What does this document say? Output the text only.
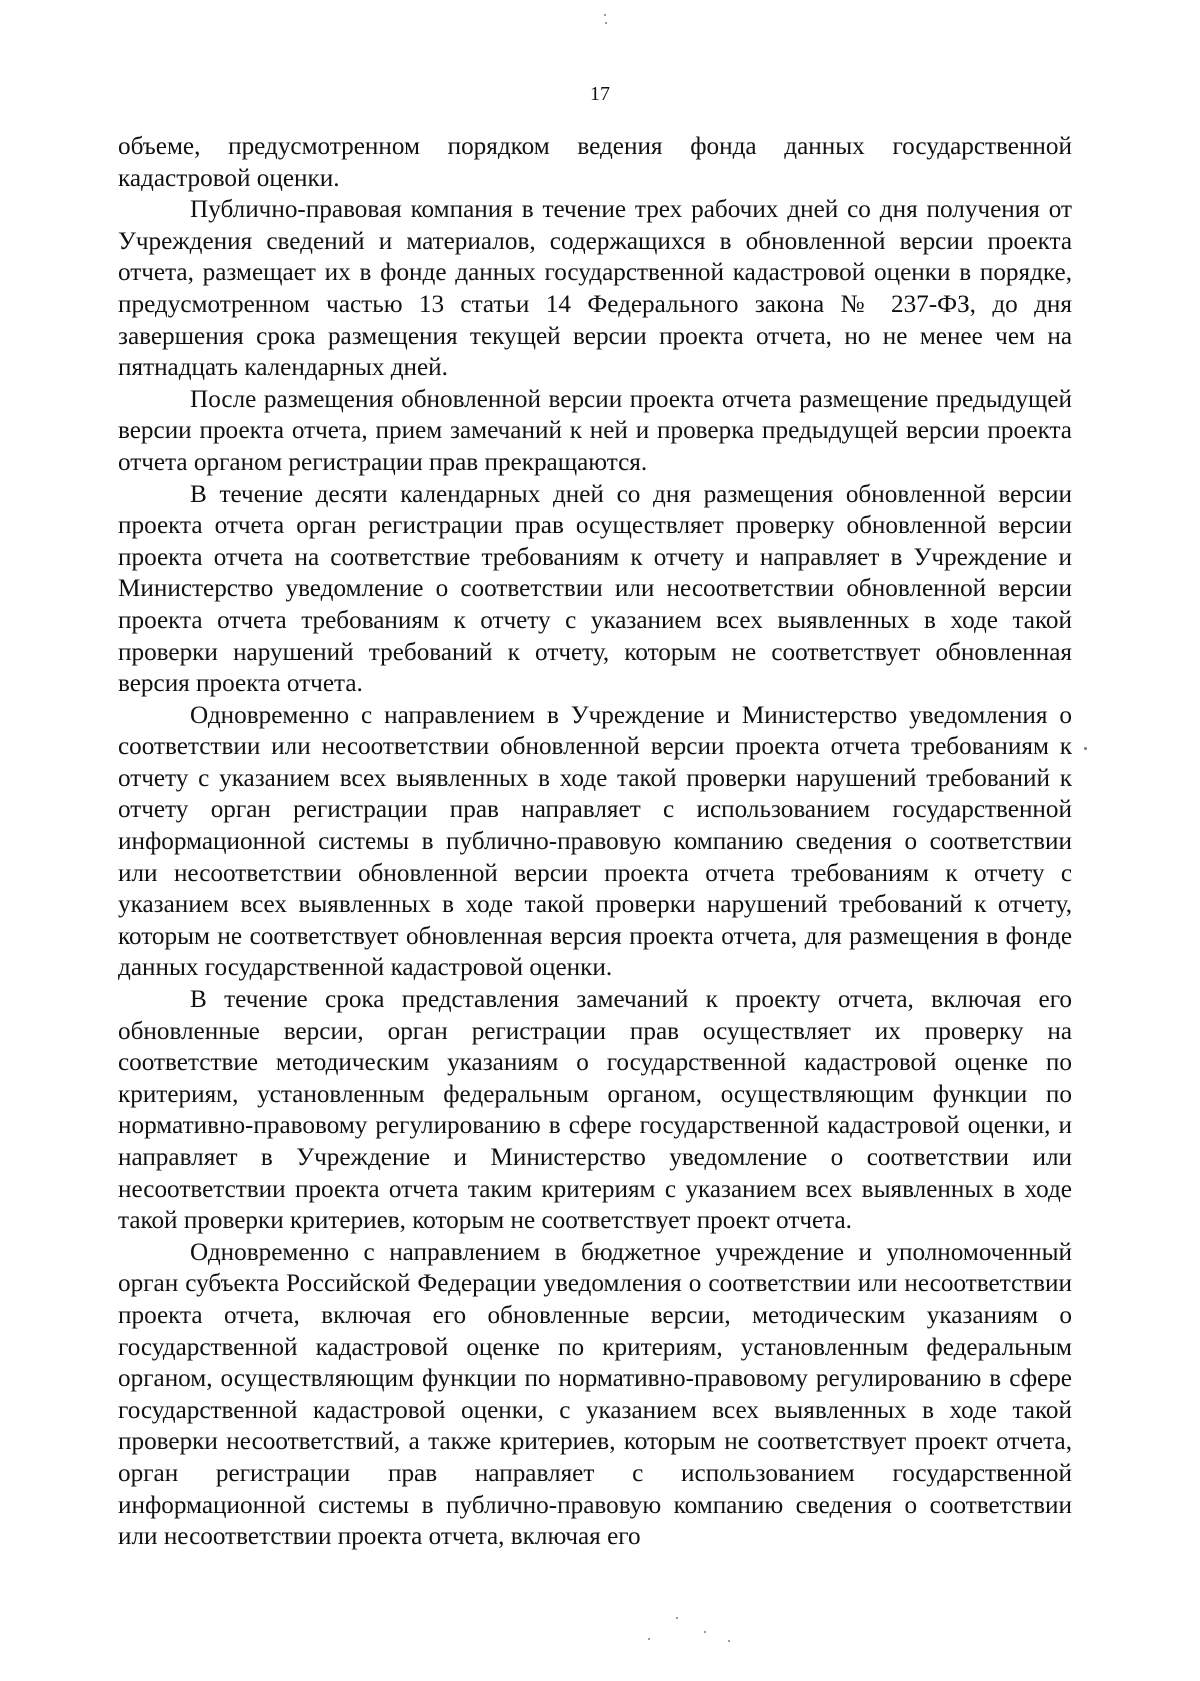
17

объеме, предусмотренном порядком ведения фонда данных государственной кадастровой оценки.

Публично-правовая компания в течение трех рабочих дней со дня получения от Учреждения сведений и материалов, содержащихся в обновленной версии проекта отчета, размещает их в фонде данных государственной кадастровой оценки в порядке, предусмотренном частью 13 статьи 14 Федерального закона № 237-ФЗ, до дня завершения срока размещения текущей версии проекта отчета, но не менее чем на пятнадцать календарных дней.

После размещения обновленной версии проекта отчета размещение предыдущей версии проекта отчета, прием замечаний к ней и проверка предыдущей версии проекта отчета органом регистрации прав прекращаются.

В течение десяти календарных дней со дня размещения обновленной версии проекта отчета орган регистрации прав осуществляет проверку обновленной версии проекта отчета на соответствие требованиям к отчету и направляет в Учреждение и Министерство уведомление о соответствии или несоответствии обновленной версии проекта отчета требованиям к отчету с указанием всех выявленных в ходе такой проверки нарушений требований к отчету, которым не соответствует обновленная версия проекта отчета.

Одновременно с направлением в Учреждение и Министерство уведомления о соответствии или несоответствии обновленной версии проекта отчета требованиям к отчету с указанием всех выявленных в ходе такой проверки нарушений требований к отчету орган регистрации прав направляет с использованием государственной информационной системы в публично-правовую компанию сведения о соответствии или несоответствии обновленной версии проекта отчета требованиям к отчету с указанием всех выявленных в ходе такой проверки нарушений требований к отчету, которым не соответствует обновленная версия проекта отчета, для размещения в фонде данных государственной кадастровой оценки.

В течение срока представления замечаний к проекту отчета, включая его обновленные версии, орган регистрации прав осуществляет их проверку на соответствие методическим указаниям о государственной кадастровой оценке по критериям, установленным федеральным органом, осуществляющим функции по нормативно-правовому регулированию в сфере государственной кадастровой оценки, и направляет в Учреждение и Министерство уведомление о соответствии или несоответствии проекта отчета таким критериям с указанием всех выявленных в ходе такой проверки критериев, которым не соответствует проект отчета.

Одновременно с направлением в бюджетное учреждение и уполномоченный орган субъекта Российской Федерации уведомления о соответствии или несоответствии проекта отчета, включая его обновленные версии, методическим указаниям о государственной кадастровой оценке по критериям, установленным федеральным органом, осуществляющим функции по нормативно-правовому регулированию в сфере государственной кадастровой оценки, с указанием всех выявленных в ходе такой проверки несоответствий, а также критериев, которым не соответствует проект отчета, орган регистрации прав направляет с использованием государственной информационной системы в публично-правовую компанию сведения о соответствии или несоответствии проекта отчета, включая его
